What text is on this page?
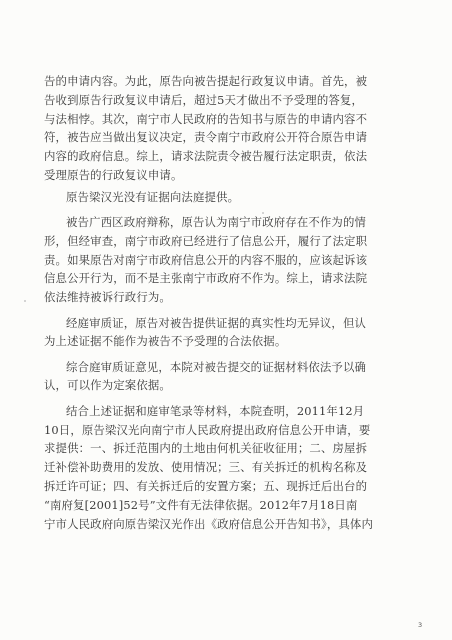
告的申请内容。为此，原告向被告提起行政复议申请。首先，被
告收到原告行政复议申请后，超过5天才做出不予受理的答复，
与法相悖。其次，南宁市人民政府的告知书与原告的申请内容不
符，被告应当做出复议决定，责令南宁市政府公开符合原告申请
内容的政府信息。综上，请求法院责令被告履行法定职责，依法
受理原告的行政复议申请。

原告梁汉光没有证据向法庭提供。

被告广西区政府辩称，原告认为南宁市政府存在不作为的情
形，但经审查，南宁市政府已经进行了信息公开，履行了法定职
责。如果原告对南宁市政府信息公开的内容不服的，应该起诉该
信息公开行为，而不是主张南宁市政府不作为。综上，请求法院
依法维持被诉行政行为。

经庭审质证，原告对被告提供证据的真实性均无异议，但认
为上述证据不能作为被告不予受理的合法依据。

综合庭审质证意见，本院对被告提交的证据材料依法予以确
认，可以作为定案依据。

结合上述证据和庭审笔录等材料，本院查明，2011年12月
10日，原告梁汉光向南宁市人民政府提出政府信息公开申请，要
求提供：一、拆迁范围内的土地由何机关征收征用；二、房屋拆
迁补偿补助费用的发放、使用情况；三、有关拆迁的机构名称及
拆迁许可证；四、有关拆迁后的安置方案；五、现拆迁后出台的
“南府复[2001]52号”文件有无法律依据。2012年7月18日南
宁市人民政府向原告梁汉光作出《政府信息公开告知书》，具体内

3
